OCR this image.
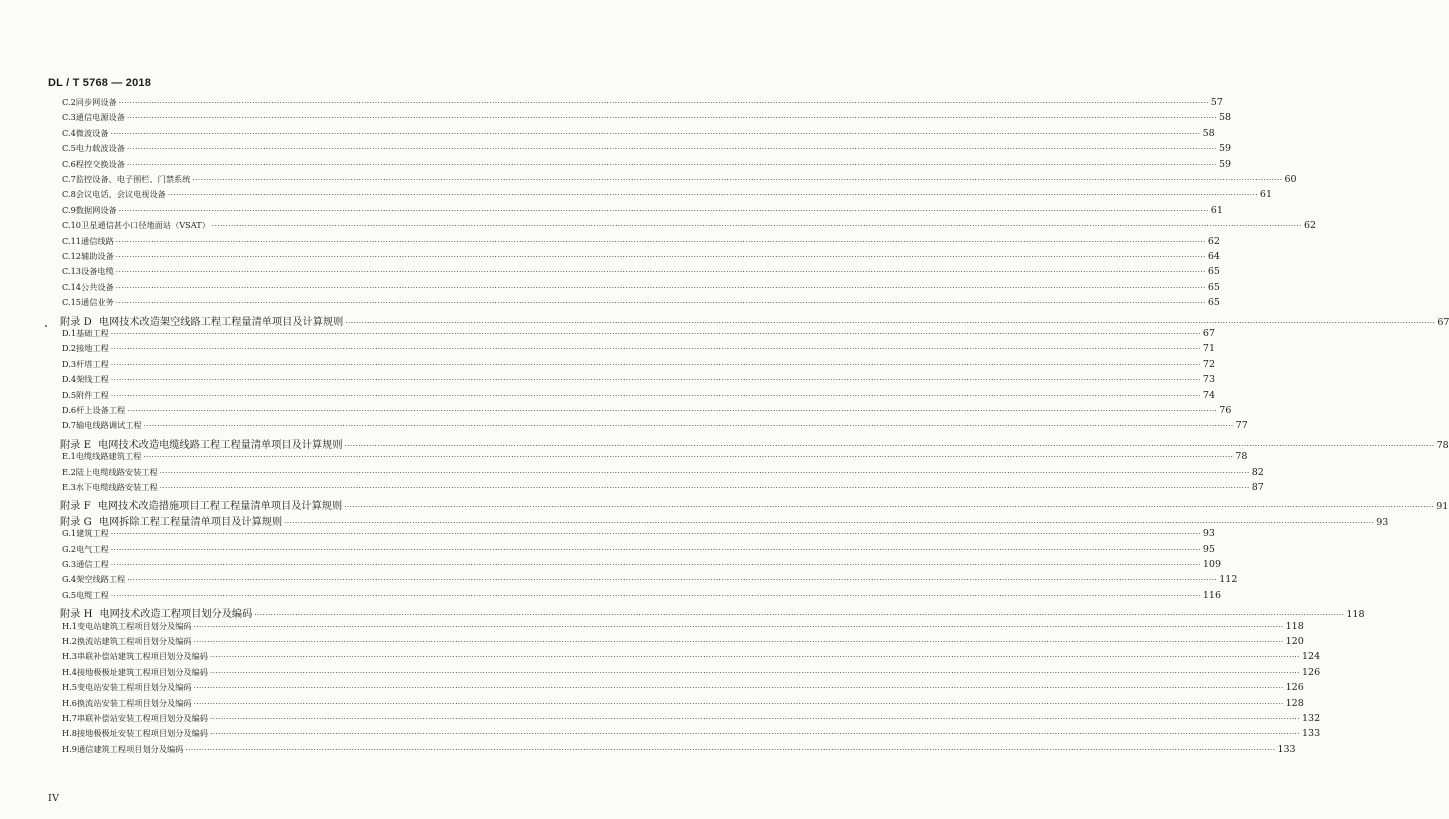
DL / T 5768 — 2018
C.2 同步网设备 ················································································································································································································································································································································································································ 57
C.3 通信电源设备 ················································································································································································································································································································································································································ 58
C.4 微波设备 ················································································································································································································································································································································································································ 58
C.5 电力载波设备 ················································································································································································································································································································································································································ 59
C.6 程控交换设备 ················································································································································································································································································································································································································ 59
C.7 监控设备、电子围栏、门禁系统 ················································································································································································································································································································································································································ 60
C.8 会议电话、会议电视设备 ················································································································································································································································································································································································································ 61
C.9 数据网设备 ················································································································································································································································································································································································································ 61
C.10 卫星通信甚小口径地面站（VSAT） ················································································································································································································································································································································································································ 62
C.11 通信线路 ················································································································································································································································································································································································································ 62
C.12 辅助设备 ················································································································································································································································································································································································································ 64
C.13 设备电缆 ················································································································································································································································································································································································································ 65
C.14 公共设备 ················································································································································································································································································································································································································ 65
C.15 通信业务 ················································································································································································································································································································································································································ 65
附录 D 电网技术改造架空线路工程工程量清单项目及计算规则 ················································································································································································································································································································································································································ 67
D.1 基础工程 ················································································································································································································································································································································································································ 67
D.2 接地工程 ················································································································································································································································································································································································································ 71
D.3 杆塔工程 ················································································································································································································································································································································································································ 72
D.4 架线工程 ················································································································································································································································································································································································································ 73
D.5 附件工程 ················································································································································································································································································································································································································ 74
D.6 杆上设备工程 ················································································································································································································································································································································································································ 76
D.7 输电线路调试工程 ················································································································································································································································································································································································································ 77
附录 E 电网技术改造电缆线路工程工程量清单项目及计算规则 ················································································································································································································································································································································································································ 78
E.1 电缆线路建筑工程 ················································································································································································································································································································································································································ 78
E.2 陆上电缆线路安装工程 ················································································································································································································································································································································································································ 82
E.3 水下电缆线路安装工程 ················································································································································································································································································································································································································ 87
附录 F 电网技术改造措施项目工程工程量清单项目及计算规则 ················································································································································································································································································································································································································ 91
附录 G 电网拆除工程工程量清单项目及计算规则 ················································································································································································································································································································································································································ 93
G.1 建筑工程 ················································································································································································································································································································································································································ 93
G.2 电气工程 ················································································································································································································································································································································································································ 95
G.3 通信工程 ················································································································································································································································································································································································································ 109
G.4 架空线路工程 ················································································································································································································································································································································································································ 112
G.5 电缆工程 ················································································································································································································································································································································································································ 116
附录 H 电网技术改造工程项目划分及编码 ················································································································································································································································································································································································································ 118
H.1 变电站建筑工程项目划分及编码 ················································································································································································································································································································································································································ 118
H.2 换流站建筑工程项目划分及编码 ················································································································································································································································································································································································································ 120
H.3 串联补偿站建筑工程项目划分及编码 ················································································································································································································································································································································································································ 124
H.4 接地极极址建筑工程项目划分及编码 ················································································································································································································································································································································································································ 126
H.5 变电站安装工程项目划分及编码 ················································································································································································································································································································································································································ 126
H.6 换流站安装工程项目划分及编码 ················································································································································································································································································································································································································ 128
H.7 串联补偿站安装工程项目划分及编码 ················································································································································································································································································································································································································ 132
H.8 接地极极址安装工程项目划分及编码 ················································································································································································································································································································································································································ 133
H.9 通信建筑工程项目划分及编码 ················································································································································································································································································································································································································ 133
IV
